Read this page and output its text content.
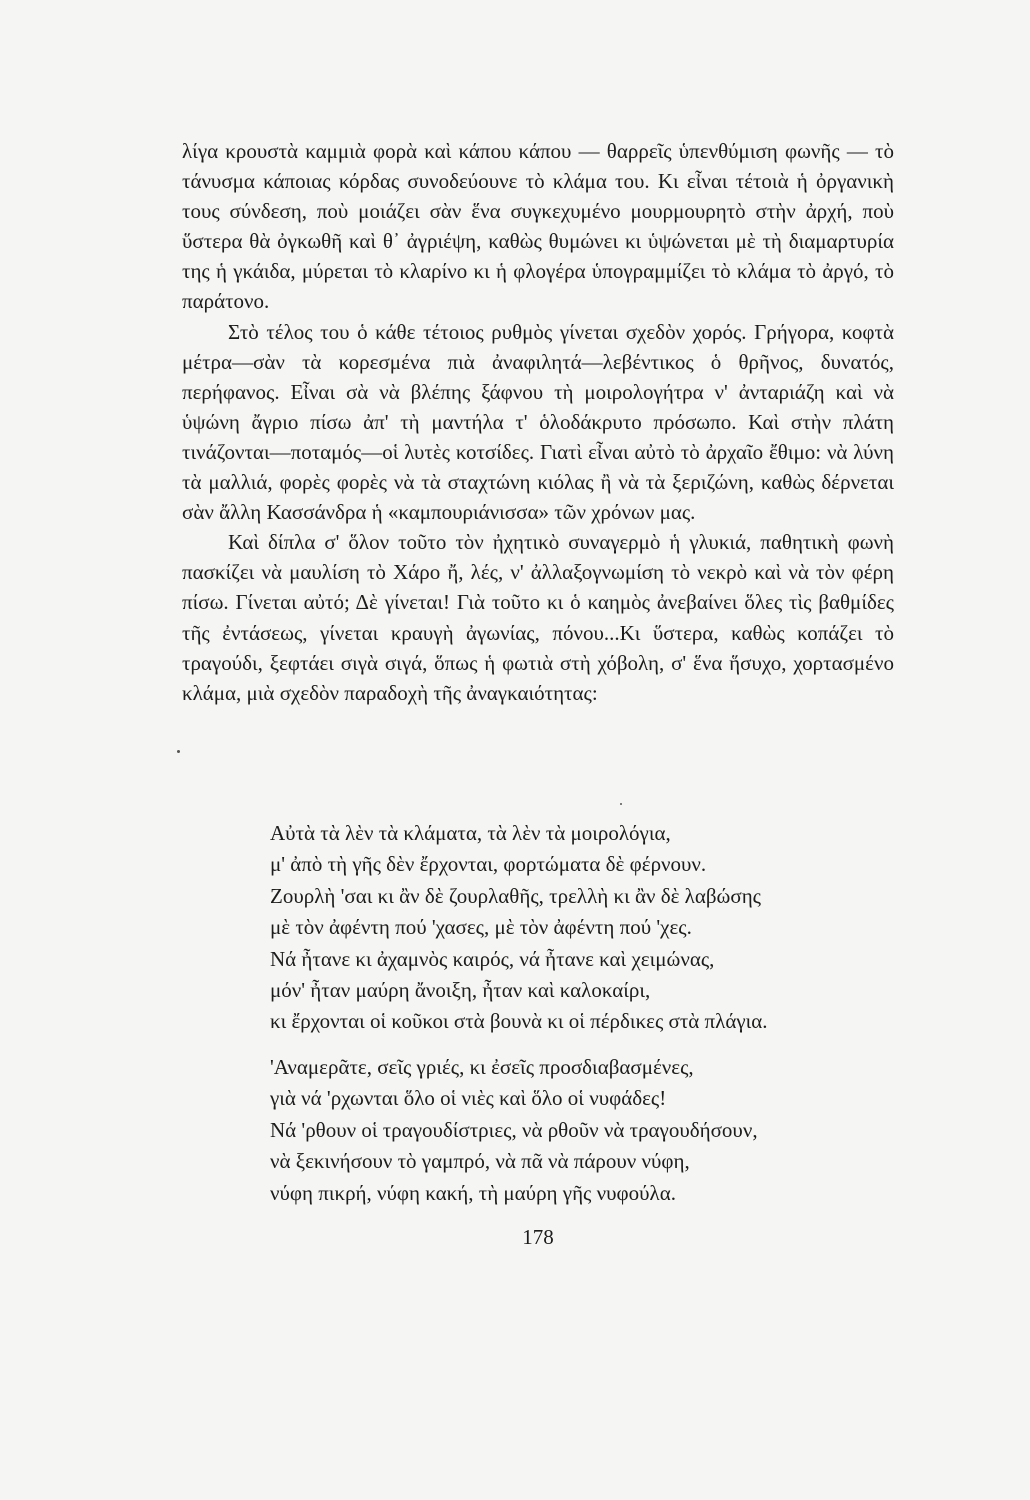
λίγα κρουστὰ καμμιὰ φορὰ καὶ κάπου κάπου — θαρρεῖς ὑπενθύμιση φωνῆς — τὸ τάνυσμα κάποιας κόρδας συνοδεύουνε τὸ κλάμα του. Κι εἶναι τέτοιὰ ἡ ὀργανικὴ τους σύνδεση, ποὺ μοιάζει σὰν ἕνα συγκεχυμένο μουρμουρητὸ στὴν ἀρχή, ποὺ ὕστερα θὰ ὀγκωθῆ καὶ θ᾽ ἀγριέψη, καθὼς θυμώνει κι ὑψώνεται μὲ τὴ διαμαρτυρία της ἡ γκάιδα, μύρεται τὸ κλαρίνο κι ἡ φλογέρα ὑπογραμμίζει τὸ κλάμα τὸ ἀργό, τὸ παράτονο.

Στὸ τέλος του ὁ κάθε τέτοιος ρυθμὸς γίνεται σχεδὸν χορός. Γρήγορα, κοφτὰ μέτρα—σὰν τὰ κορεσμένα πιὰ ἀναφιλητά—λεβέντικος ὁ θρῆνος, δυνατός, περήφανος. Εἶναι σὰ νὰ βλέπης ξάφνου τὴ μοιρολογήτρα ν' ἀνταριάζη καὶ νὰ ὑψώνη ἄγριο πίσω ἀπ' τὴ μαντήλα τ' ὁλοδάκρυτο πρόσωπο. Καὶ στὴν πλάτη τινάζονται—ποταμός—οἱ λυτὲς κοτσίδες. Γιατὶ εἶναι αὐτὸ τὸ ἀρχαῖο ἔθιμο: νὰ λύνη τὰ μαλλιά, φορὲς φορὲς νὰ τὰ σταχτώνη κιόλας ἢ νὰ τὰ ξεριζώνη, καθὼς δέρνεται σὰν ἄλλη Κασσάνδρα ἡ «καμπουριάνισσα» τῶν χρόνων μας.

Καὶ δίπλα σ' ὅλον τοῦτο τὸν ἠχητικὸ συναγερμὸ ἡ γλυκιά, παθητικὴ φωνὴ πασκίζει νὰ μαυλίση τὸ Χάρο ἤ, λές, ν' ἀλλαξογνωμίση τὸ νεκρὸ καὶ νὰ τὸν φέρη πίσω. Γίνεται αὐτό; Δὲ γίνεται! Γιὰ τοῦτο κι ὁ καημὸς ἀνεβαίνει ὅλες τὶς βαθμίδες τῆς ἐντάσεως, γίνεται κραυγὴ ἀγωνίας, πόνου...Κι ὕστερα, καθὼς κοπάζει τὸ τραγούδι, ξεφτάει σιγὰ σιγά, ὅπως ἡ φωτιὰ στὴ χόβολη, σ' ἕνα ἥσυχο, χορτασμένο κλάμα, μιὰ σχεδὸν παραδοχὴ τῆς ἀναγκαιότητας:

Αὐτὰ τὰ λὲν τὰ κλάματα, τὰ λὲν τὰ μοιρολόγια,
μ' ἀπὸ τὴ γῆς δὲν ἔρχονται, φορτώματα δὲ φέρνουν.
Ζουρλὴ 'σαι κι ἂν δὲ ζουρλαθῆς, τρελλὴ κι ἂν δὲ λαβώσης
μὲ τὸν ἀφέντη πού 'χασες, μὲ τὸν ἀφέντη πού 'χες.
Νά ἦτανε κι ἀχαμνὸς καιρός, νά ἦτανε καὶ χειμώνας,
μόν' ἦταν μαύρη ἄνοιξη, ἦταν καὶ καλοκαίρι,
κι ἔρχονται οἱ κοῦκοι στὰ βουνὰ κι οἱ πέρδικες στὰ πλάγια.
'Αναμερᾶτε, σεῖς γριές, κι ἐσεῖς προσδιαβασμένες,
γιὰ νά 'ρχωνται ὅλο οἱ νιὲς καὶ ὅλο οἱ νυφάδες!
Νά 'ρθουν οἱ τραγουδίστριες, νὰ ρθοῦν νὰ τραγουδήσουν,
νὰ ξεκινήσουν τὸ γαμπρό, νὰ πᾶ νὰ πάρουν νύφη,
νύφη πικρή, νύφη κακή, τὴ μαύρη γῆς νυφούλα.
178
